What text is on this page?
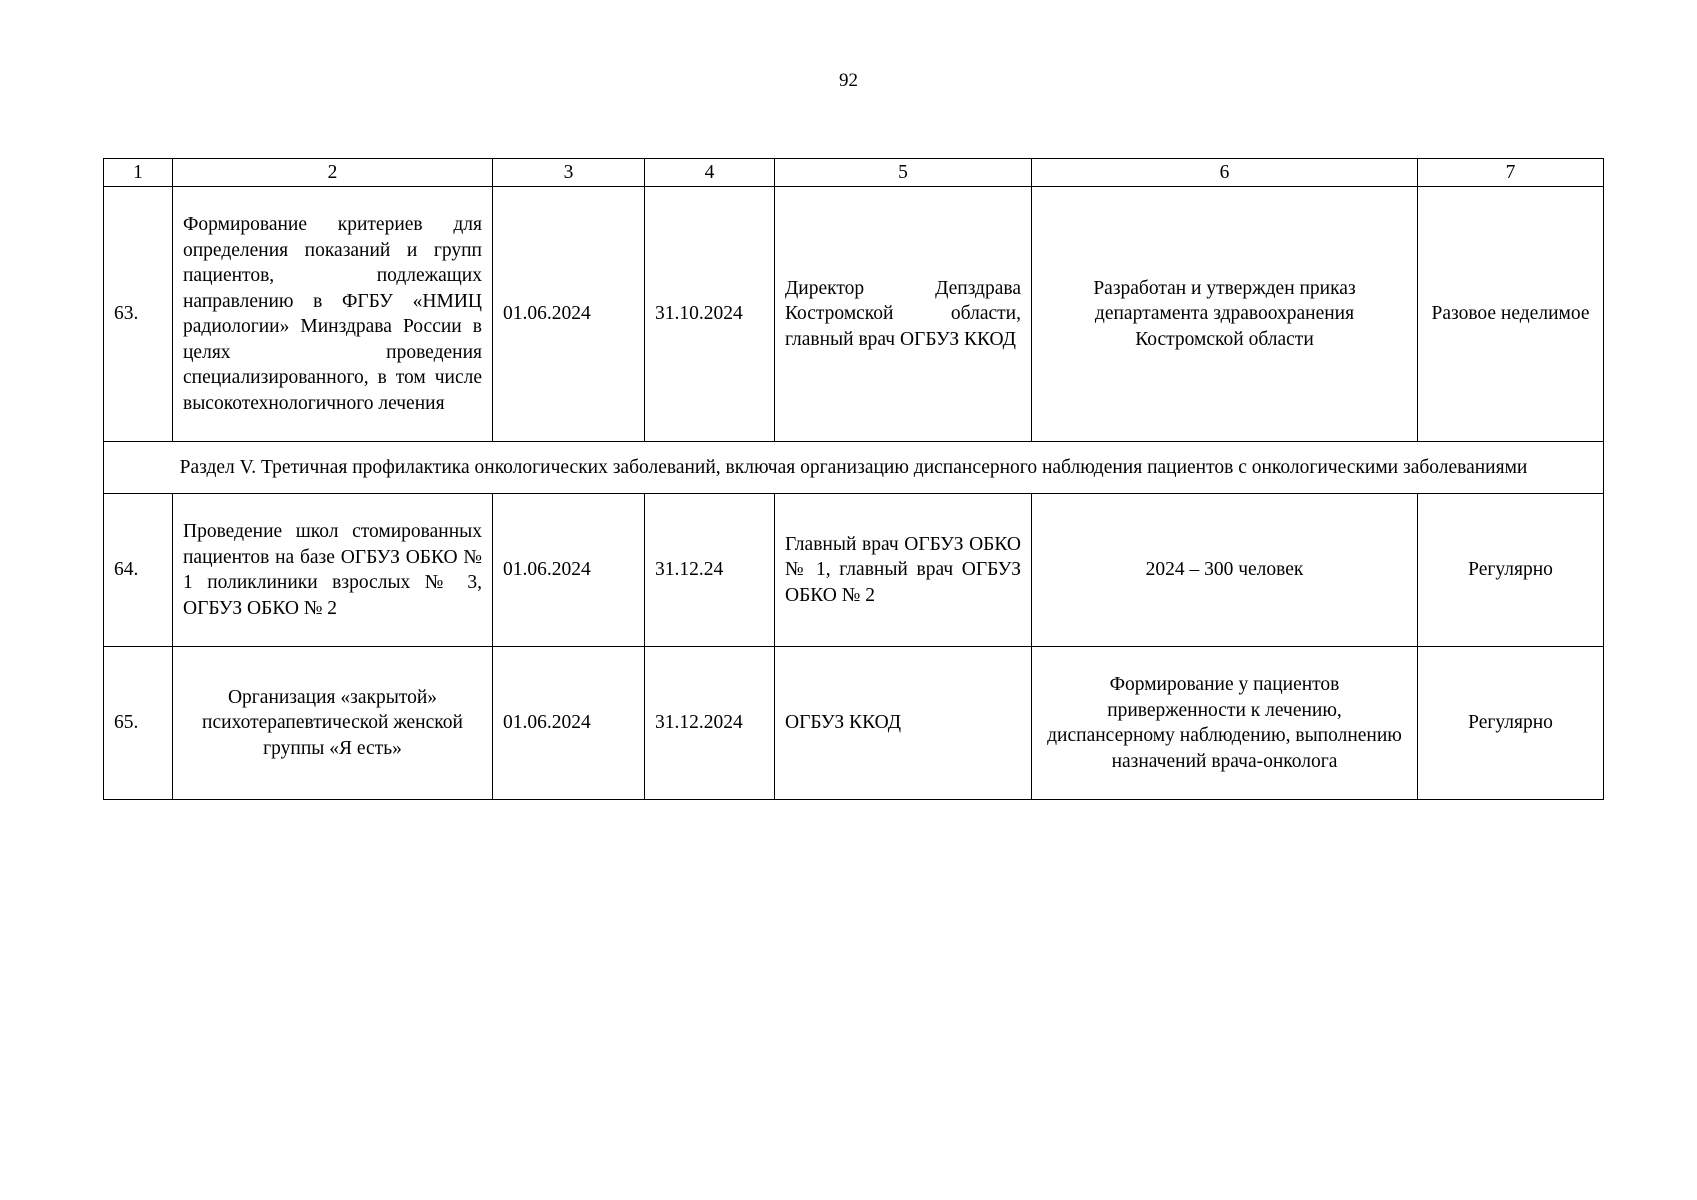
92
1	2	3	4	5	6	7
63.	Формирование критериев для определения показаний и групп пациентов, подлежащих направлению в ФГБУ «НМИЦ радиологии» Минздрава России в целях проведения специализированного, в том числе высокотехнологичного лечения	01.06.2024	31.10.2024	Директор Депздрава Костромской области, главный врач ОГБУЗ ККОД	Разработан и утвержден приказ департамента здравоохранения Костромской области	Разовое неделимое
Раздел V. Третичная профилактика онкологических заболеваний, включая организацию диспансерного наблюдения пациентов с онкологическими заболеваниями						
64.	Проведение школ стомированных пациентов на базе ОГБУЗ ОБКО № 1 поликлиники взрослых № 3, ОГБУЗ ОБКО № 2	01.06.2024	31.12.24	Главный врач ОГБУЗ ОБКО № 1, главный врач ОГБУЗ ОБКО № 2	2024 – 300 человек	Регулярно
65.	Организация «закрытой» психотерапевтической женской группы «Я есть»	01.06.2024	31.12.2024	ОГБУЗ ККОД	Формирование у пациентов приверженности к лечению, диспансерному наблюдению, выполнению назначений врача-онколога	Регулярно
